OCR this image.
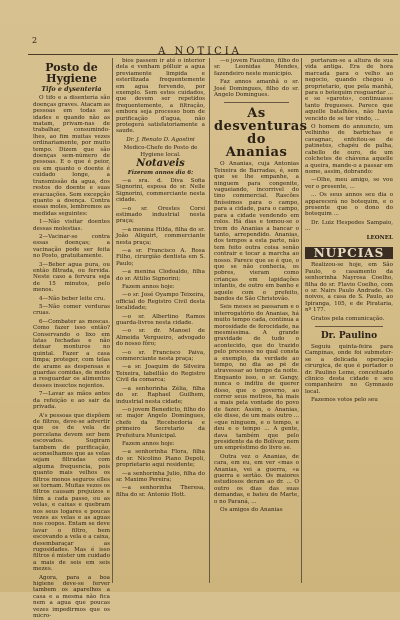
2
A NOTICIA
Posto de Hygiene
Tifo e dysenteria

O tifo e a disenteria são doenças graves. Atacam as pessoas em todas as idades e quando não as matam, privam-nas de trabalhar, consumindo-lhes, ao fim muitas vezes ordinariamente, por muito tempo. Dizem que são doenças sem-número de pessoas. E o que é peior, ou em quanto o doente é cuidado longe, a transmissão da agua, dos restos do doente e suas evacuações. Sem excepção quanto a doença. Contra essas moles, lembremos as medidas seguintes:

1—Não visitar doentes dessas molestias.

2—Vacinar-se contra essas doenças; a vacinação pode ser feita no Posto, gratuitamente.

3—Beber agua pura, ou então filtrada, ou fervida. Neste caso a fervura seja de 15 minutos, pelo menos.

4—Não beber leite cru.

5—Não comer verduras cruas.

6—Combater as moscas. Como fazer isso então? Conservando o lixo em latas fechadas e não deixar monturos no quintal. Fazer a casa limpa; proteger, com telas de arame as despensas e guardas comidas, de modo a resguardar os alimentos desses insectos nojentos.

7—Lavar as mãos antes da refeição e ao sair da privada.

A's pessoas que dispõem de filtros, deve-se advertir que os de vela de porcelana devem ser bem escovados. Sugiram tambem de purificação, aconselhamos que as velas sejam filtradas com alguma frequencia, pois quanto mais velhos os filtros menos seguros elles se tornam. Muitas vezes os filtros causam prejuizos e têm a cada passo, ou as velas, e caixas e quebram nos seus logares e poucas vezes as velas e as aguas nos coopos. Entam se deve lavar o filtro, bem escovando a vela e a caixa, desembaraçar as rugosidades. Mas é isso filtros é mister um cuidado a mais de seis em seis mezes.

Agora, para a boa higiene deve-se ferver tambem os aparelhos a casa e a mesma não fica nem a agua que poucas vezes impedirmos que os micro-

bios passem ir até o interior dela e venham pôlluir a agua previamente limpida e esterilizada frequentemente em agua fervendo, por exemplo. Sem estes cuidados, que devem ser repetidos frequentemente, a filtração, embora seja processo bom de purificação d'agua, não protegerá satisfatoriamente a saude.

Dr. J. Renato D. Agostini

Medico-Chefe do Posto de Hygiene local.

Notaveis
Fizeram annos dia 6:

—a sra. d. Diva Sofia Signorini, esposa do sr. Nelle Signorini, commerciante nesta cidade.

—o sr. Orestes Corsi estimado industrial nesta praça;

—a menina Hilda, filha do sr. João Aliquirt, commerciante nesta praça;

—a sr. Francisco A. Rosa Filho, cirurgião dentista em S. Paulo;

—a menina Clodoaldo, filha do sr. Attilio Signorini;

Fazem annos hoje:

—o sr. José Oyampo Teixeira, official do Registro Civil desta localidade;

—o sr. Albertino Ramos guarda-livros nesta cidade.

—o sr. dr. Manoel de Almeida Vergueiro, advogado do nosso fôro;

—o sr. Francisco Paiva, commerciante nesta praça;

—a sr. Joaquim de Silveira Teixeira, tabellião do Registro Civil da comarca;

—a senhorinha Zélia, filha do sr. Raphael Guilhem, industrial nesta cidade;

—o jovem Benedicto, filho do sr. major Angelo Domingues, chefe da Recebedoria e primeiro Secretario da Prefeitura Municipal.

Fazem annos hoje:

—a senhorinha Flora, filha do sr. Nicolino Piano Depoli, proprietario aqui residente;

—a senhorinha Julio, filha do sr. Maximo Pereira;

—a senhorinha Theresa, filha do sr. Antonio Hott.

—o jovem Faustino, filho do sr. Leonidas Mendes, fazendeiro neste municipio.

Faz annos amanhã o sr. José Domingues, filho do sr. Angelo Domingues.

As desventuras do Ananias

O Ananias, cuja Antonias Teixeira de Barradas, é, sem que se lhe empanhe, a ninguem para congenite, vagueiando, incorrivel do tino commercial. Rascões finíssimos para o campo, para a cidade, para o campo, para a cidade vendendo em rolos. Há dias e tomou-se o trem do Ananias a bancar o tanto, arrependido. Ananias, dos tempos a esta parte, não tem feito outra coisa senão contrair e tocar a marcha ao nosso. Parece que se é que, o que se não conhecia, os pobres, vieram como crianças em lapidações infantis, de outro em banho e aquele com o prefeito, bandos de São Christovão.

Seis meses se passaram e o interrogatório do Ananias, há muito tempo cada, continua a morosidade de ferocidade, na mesmíssima. A grande gravidade de tudo o acontecido, que do trazido pelo processo no qual consta a exemplo, da verdade ao tempo, no dia ao pé de atravessar ao tempo da noite. Enquanto isso, o sr. Gangy, nunca o inditiu de querer disso, que o governo, ao correr seus motivos, há mais a mais pela vontade do povo de fazer. Assim, o Ananias, ele disse, de um mais outro ... «que ninguem, e o tempo, e deu e o tempo ... A gente, dava também que pelo presidente da do Bolívar, nem um empréstimo do livro se.

Outra vez o Ananias, de cara, em eu, em ver «mas o Ananias, vei a guerra, «a guerra e sertão. Os maiores estudiosos deram ao dr. ... O outro os dias das suas demandas, e bateu de Marte, o no Paraná, ...

Os amigos do Ananias

portaram-se a altura de sua vida antiga. Era de hora marcada para o velho ao negocio, quando chegou o proprietario, que pela manhã, para o botequim resguardar ... e se «garoto», continuasse tanto fregueses. Parece que aquelle batalhões, não havia vencido de se ter vindo, ...

O homem do annuncio, um velhinho de barbichas e cavagnac, enfeitou-se de patinetes, chapéu de palha, cabello de ouro, de um colchetes de chávena aquelle a queira, mande-o a passar em nome, assim, dobrando:

—Olhe, meu amigo, se vou ver o presente, ...

... Os seus annos seu dia o apparecerá no botequim, e o presente que o dono do botequim ...

Dr. Luiz Hespedes Sampaio, ...

LEONEL
NUPCIAS

Realizou-se hoje, em São Paulo, o casamento da senhorinha Nayrosa Coelho, filha do sr. Flavio Coelho, com o sr. Nairs Paulo Andrade. Os noivos, a casa de S. Paulo, ao Ipiranga, 105, e de Pirataria, nº 177.

Gratos pela comunicação.

Dr. Paulino

Seguiu quinta-feira para Campinas, onde foi submeter-se a delicada operação cirurgica, de que é portador o dr. Paulino Leme, conceituado clinico desta cidade e seu companheiro no Gymnasio local.

Fazemos votos pelo seu
